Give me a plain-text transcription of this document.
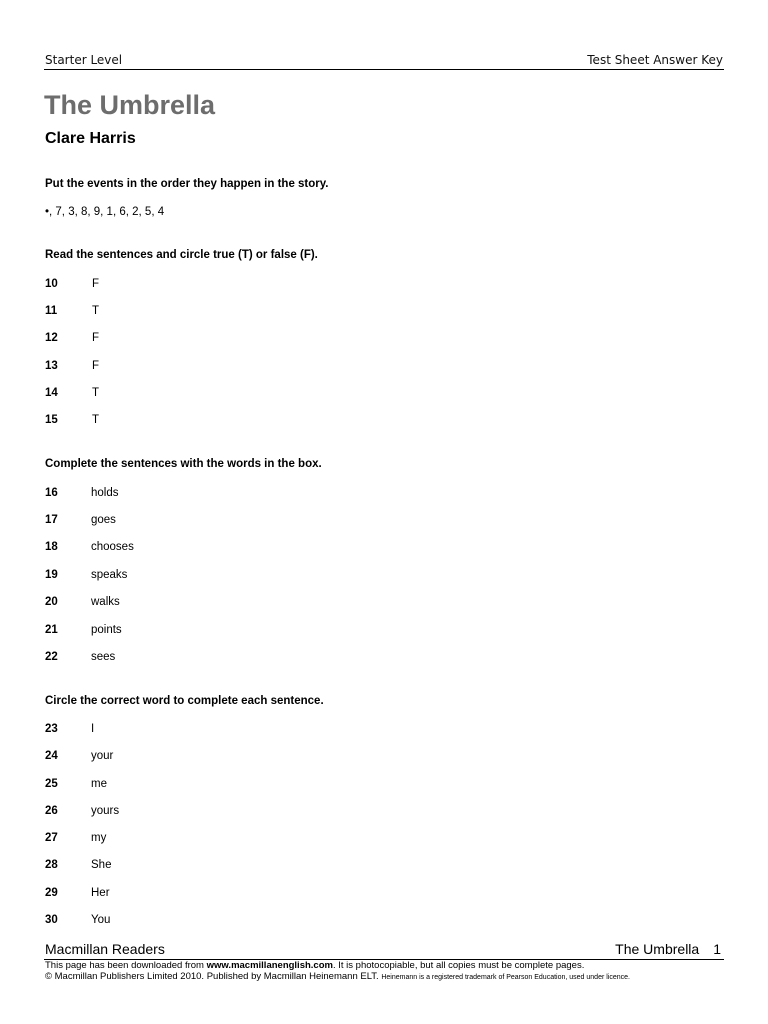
Starter Level	Test Sheet Answer Key
The Umbrella
Clare Harris
Put the events in the order they happen in the story.
•, 7, 3, 8, 9, 1, 6, 2, 5, 4
Read the sentences and circle true (T) or false (F).
10	F
11	T
12	F
13	F
14	T
15	T
Complete the sentences with the words in the box.
16	holds
17	goes
18	chooses
19	speaks
20	walks
21	points
22	sees
Circle the correct word to complete each sentence.
23	I
24	your
25	me
26	yours
27	my
28	She
29	Her
30	You
Macmillan Readers	The Umbrella 1
This page has been downloaded from www.macmillanenglish.com. It is photocopiable, but all copies must be complete pages.
© Macmillan Publishers Limited 2010. Published by Macmillan Heinemann ELT. Heinemann is a registered trademark of Pearson Education, used under licence.
